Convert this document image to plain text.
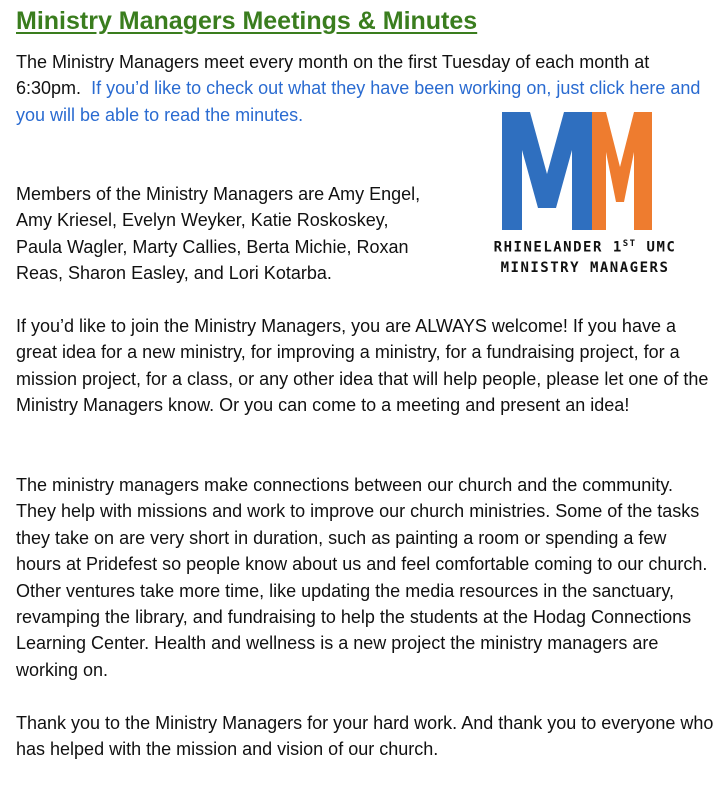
Ministry Managers Meetings & Minutes

The Ministry Managers meet every month on the first Tuesday of each month at 6:30pm. If you’d like to check out what they have been working on, just click here and you will be able to read the minutes.

Members of the Ministry Managers are Amy Engel, Amy Kriesel, Evelyn Weyker, Katie Roskoskey, Paula Wagler, Marty Callies, Berta Michie, Roxan Reas, Sharon Easley, and Lori Kotarba.

If you’d like to join the Ministry Managers, you are ALWAYS welcome! If you have a great idea for a new ministry, for improving a ministry, for a fundraising project, for a mission project, for a class, or any other idea that will help people, please let one of the Ministry Managers know. Or you can come to a meeting and present an idea!

The ministry managers make connections between our church and the community. They help with missions and work to improve our church ministries. Some of the tasks they take on are very short in duration, such as painting a room or spending a few hours at Pridefest so people know about us and feel comfortable coming to our church. Other ventures take more time, like updating the media resources in the sanctuary, revamping the library, and fundraising to help the students at the Hodag Connections Learning Center. Health and wellness is a new project the ministry managers are working on.

Thank you to the Ministry Managers for your hard work. And thank you to everyone who has helped with the mission and vision of our church.

RHINELANDER 1ST UMC
MINISTRY MANAGERS
